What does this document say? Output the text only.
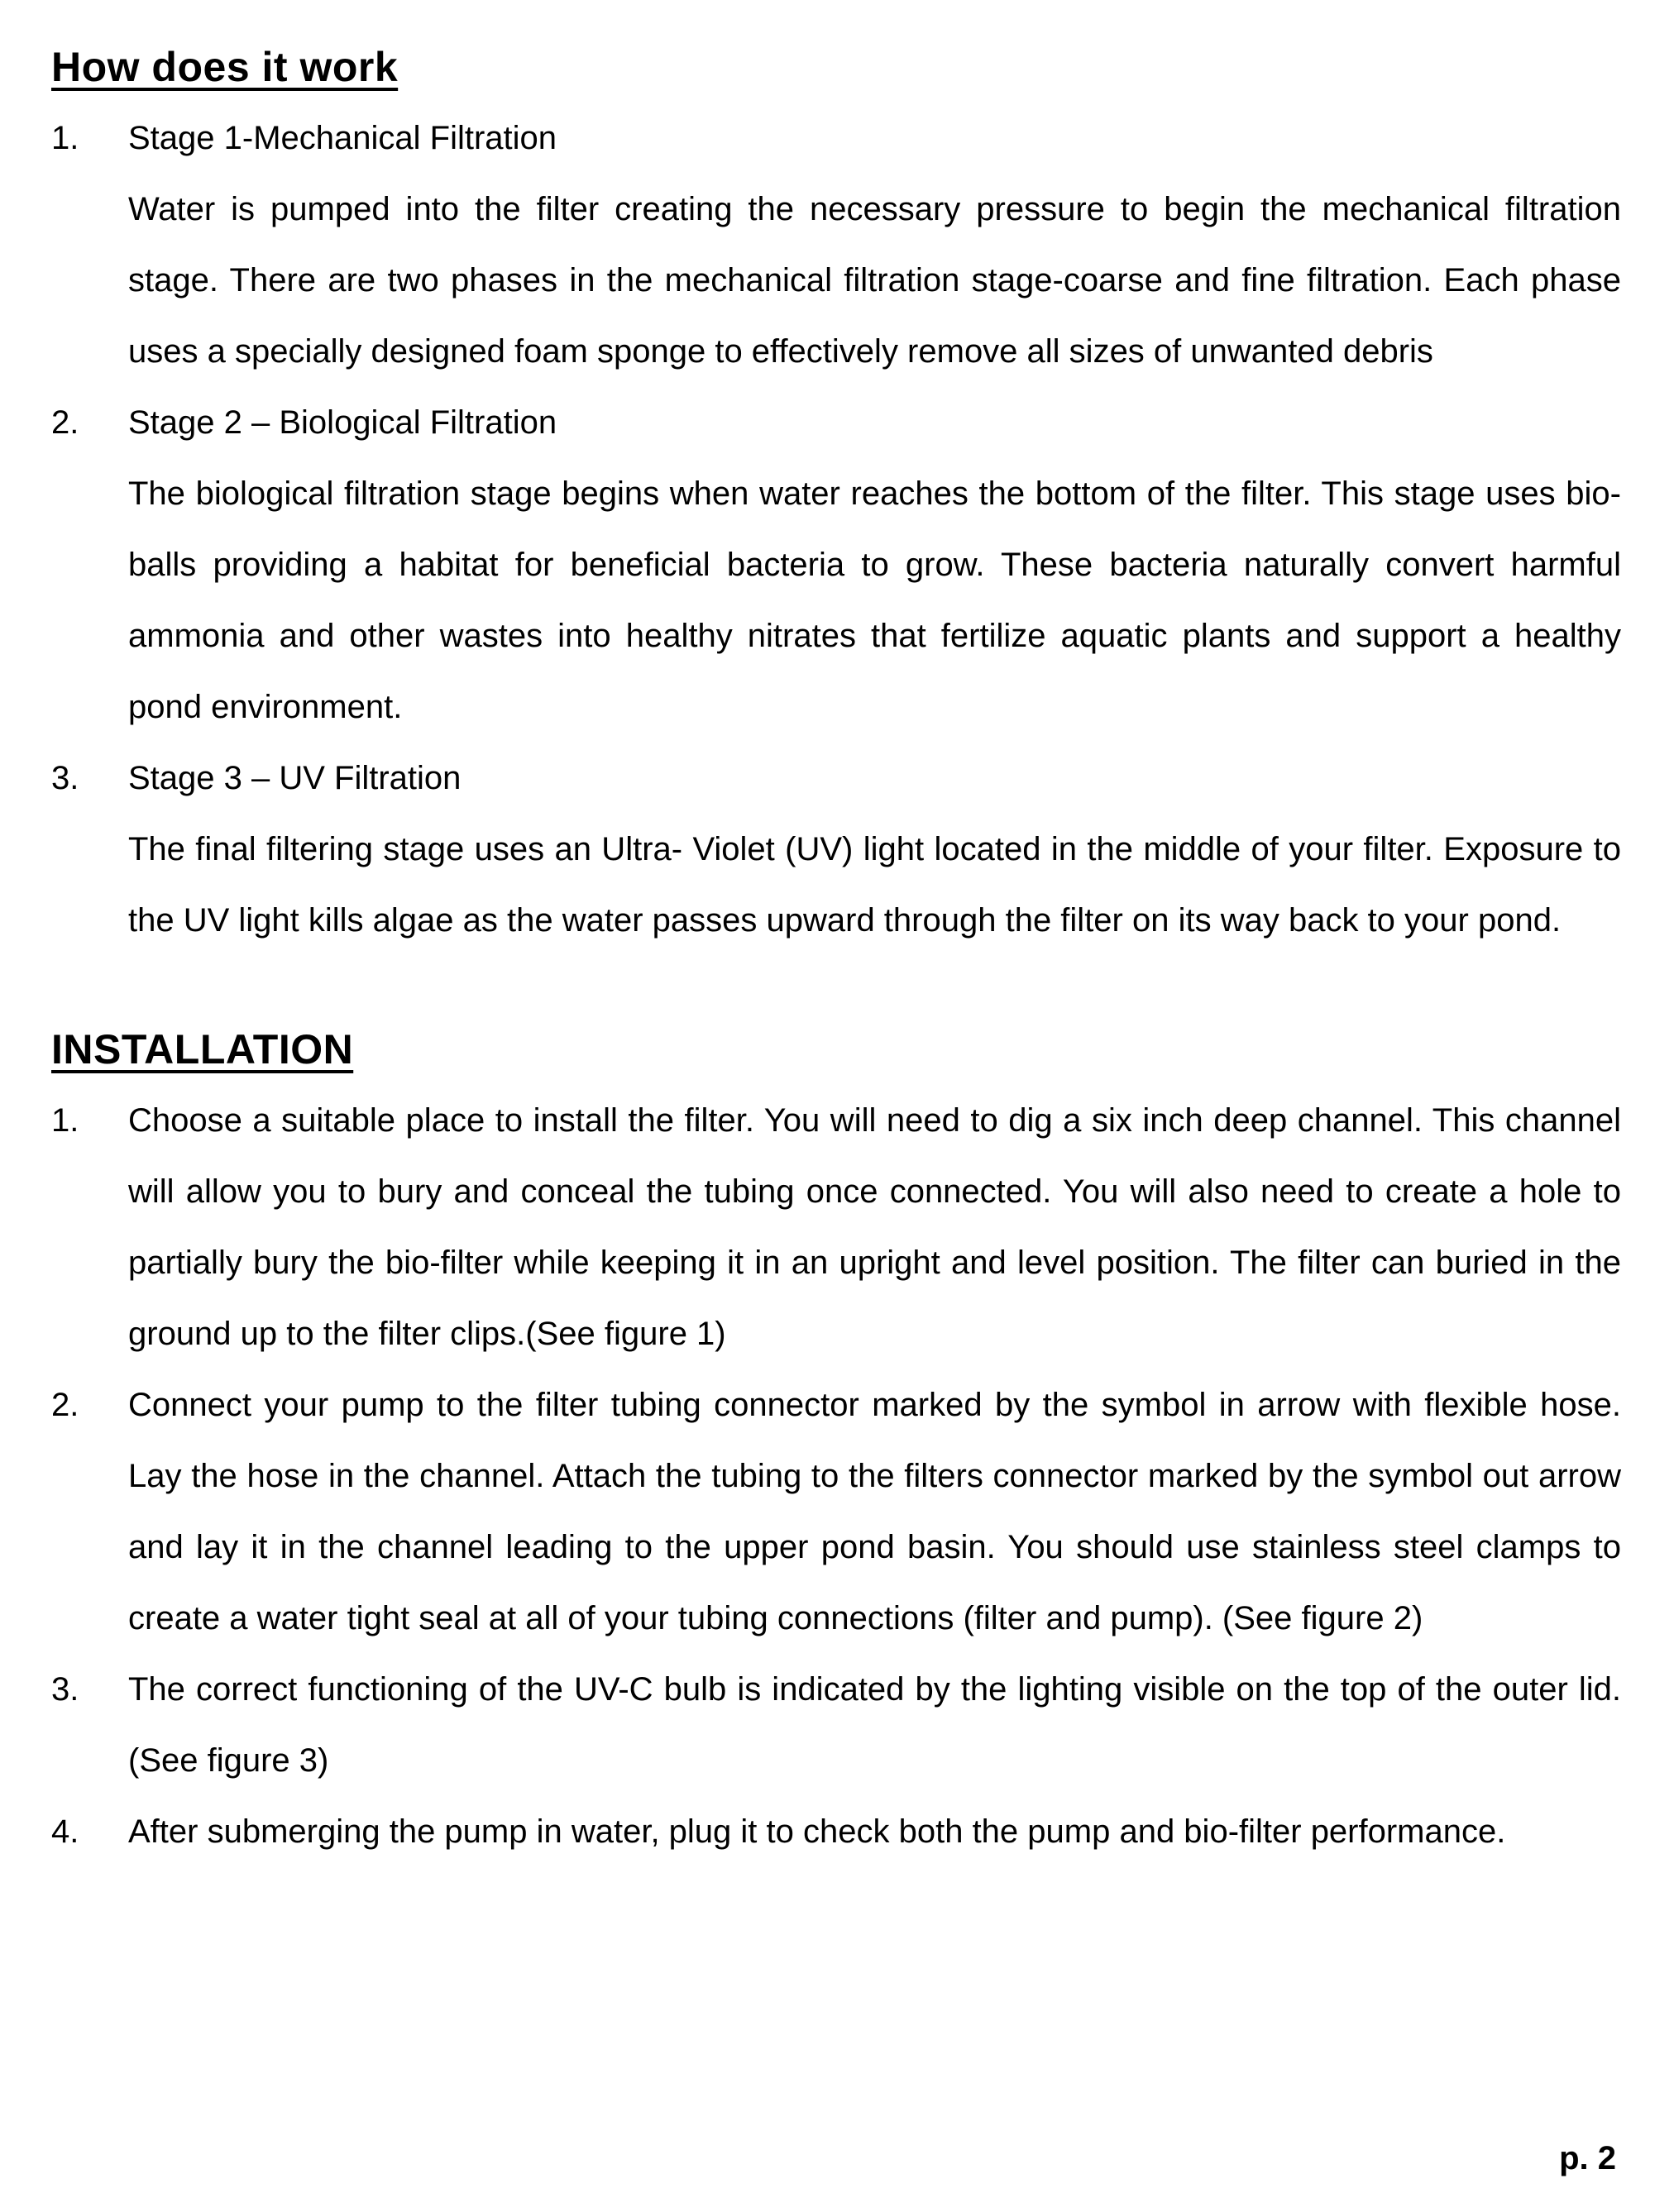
How does it work
1.	Stage 1-Mechanical Filtration

Water is pumped into the filter creating the necessary pressure to begin the mechanical filtration stage. There are two phases in the mechanical filtration stage-coarse and fine filtration. Each phase uses a specially designed foam sponge to effectively remove all sizes of unwanted debris

2.	Stage 2 – Biological Filtration

The biological filtration stage begins when water reaches the bottom of the filter. This stage uses bio-balls providing a habitat for beneficial bacteria to grow. These bacteria naturally convert harmful ammonia and other wastes into healthy nitrates that fertilize aquatic plants and support a healthy pond environment.

3.	Stage 3 – UV Filtration

The final filtering stage uses an Ultra- Violet (UV) light located in the middle of your filter. Exposure to the UV light kills algae as the water passes upward through the filter on its way back to your pond.

INSTALLATION
1.	Choose a suitable place to install the filter. You will need to dig a six inch deep channel. This channel will allow you to bury and conceal the tubing once connected. You will also need to create a hole to partially bury the bio-filter while keeping it in an upright and level position. The filter can buried in the ground up to the filter clips.(See figure 1)

2.	Connect your pump to the filter tubing connector marked by the symbol in arrow with flexible hose. Lay the hose in the channel. Attach the tubing to the filters connector marked by the symbol out arrow and lay it in the channel leading to the upper pond basin. You should use stainless steel clamps to create a water tight seal at all of your tubing connections (filter and pump). (See figure 2)

3.	The correct functioning of the UV-C bulb is indicated by the lighting visible on the top of the outer lid.(See figure 3)

4.	After submerging the pump in water, plug it to check both the pump and bio-filter performance.

p. 2
